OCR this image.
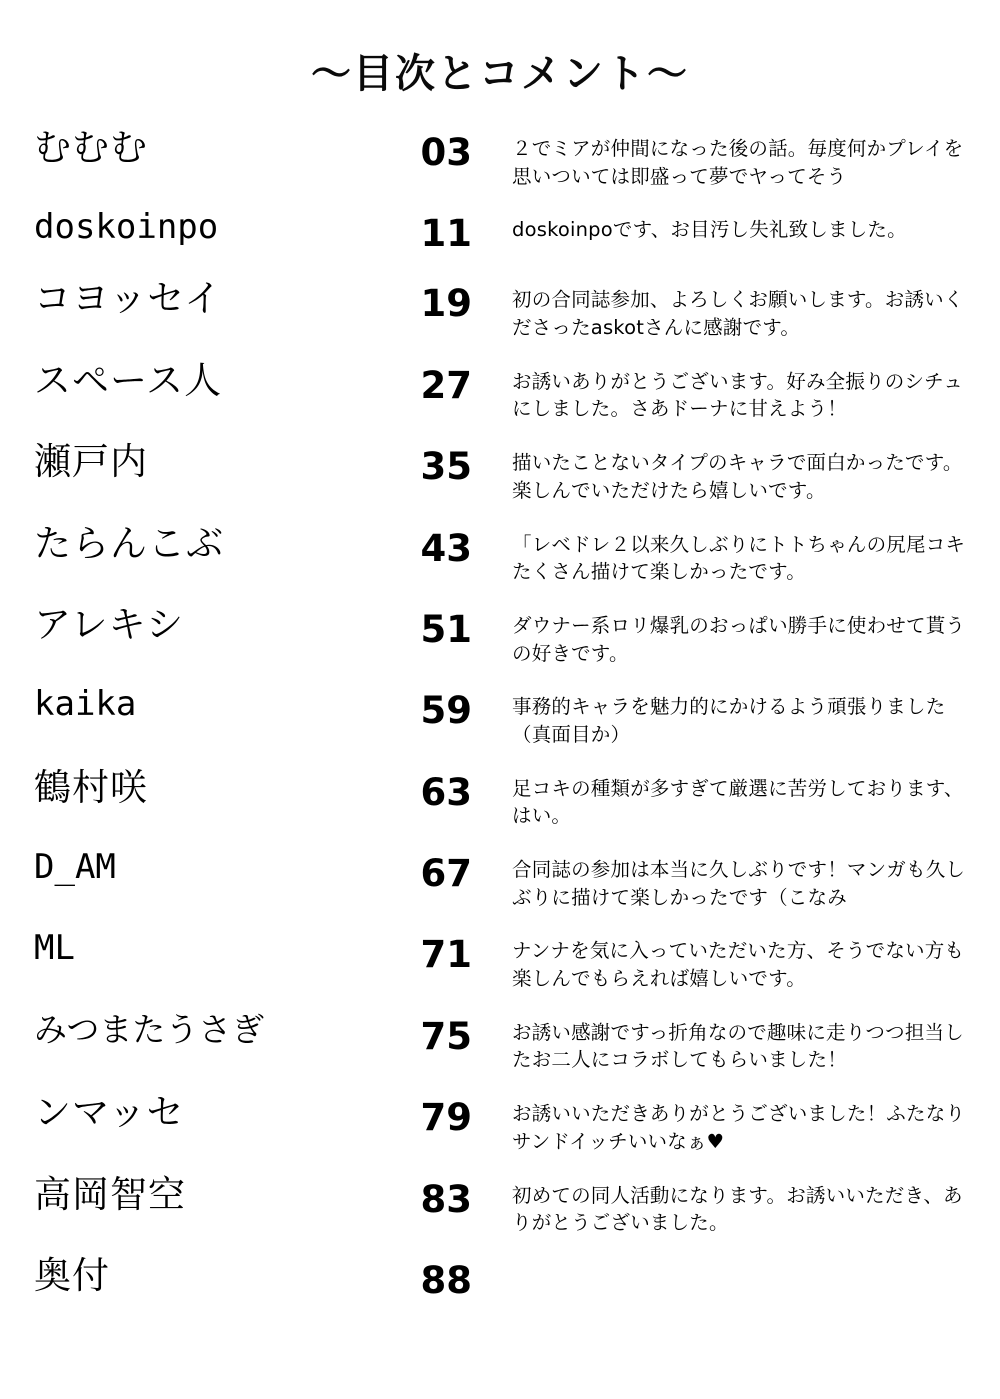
〜目次とコメント〜
むむむ	03 ２でミアが仲間になった後の話。毎度何かプレイを思いついては即盛って夢でヤってそう
doskoinpo	11 doskoinpoです、お目汚し失礼致しました。
コヨッセイ	19 初の合同誌参加、よろしくお願いします。お誘いくださったaskotさんに感謝です。
スペース人	27 お誘いありがとうございます。好み全振りのシチュにしました。さあドーナに甘えよう！
瀬戸内	35 描いたことないタイプのキャラで面白かったです。楽しんでいただけたら嬉しいです。
たらんこぶ	43 「レベドレ２以来久しぶりにトトちゃんの尻尾コキたくさん描けて楽しかったです。
アレキシ	51 ダウナー系ロリ爆乳のおっぱい勝手に使わせて貰うの好きです。
kaika	59 事務的キャラを魅力的にかけるよう頑張りました（真面目か）
鶴村咲	63 足コキの種類が多すぎて厳選に苦労しております、はい。
D_AM	67 合同誌の参加は本当に久しぶりです！マンガも久しぶりに描けて楽しかったです（こなみ
ML	71 ナンナを気に入っていただいた方、そうでない方も楽しんでもらえれば嬉しいです。
みつまたうさぎ	75 お誘い感謝ですっ折角なので趣味に走りつつ担当したお二人にコラボしてもらいました！
ンマッセ	79 お誘いいただきありがとうございました！ふたなりサンドイッチいいなぁ♥
高岡智空	83 初めての同人活動になります。お誘いいただき、ありがとうございました。
奥付	88
